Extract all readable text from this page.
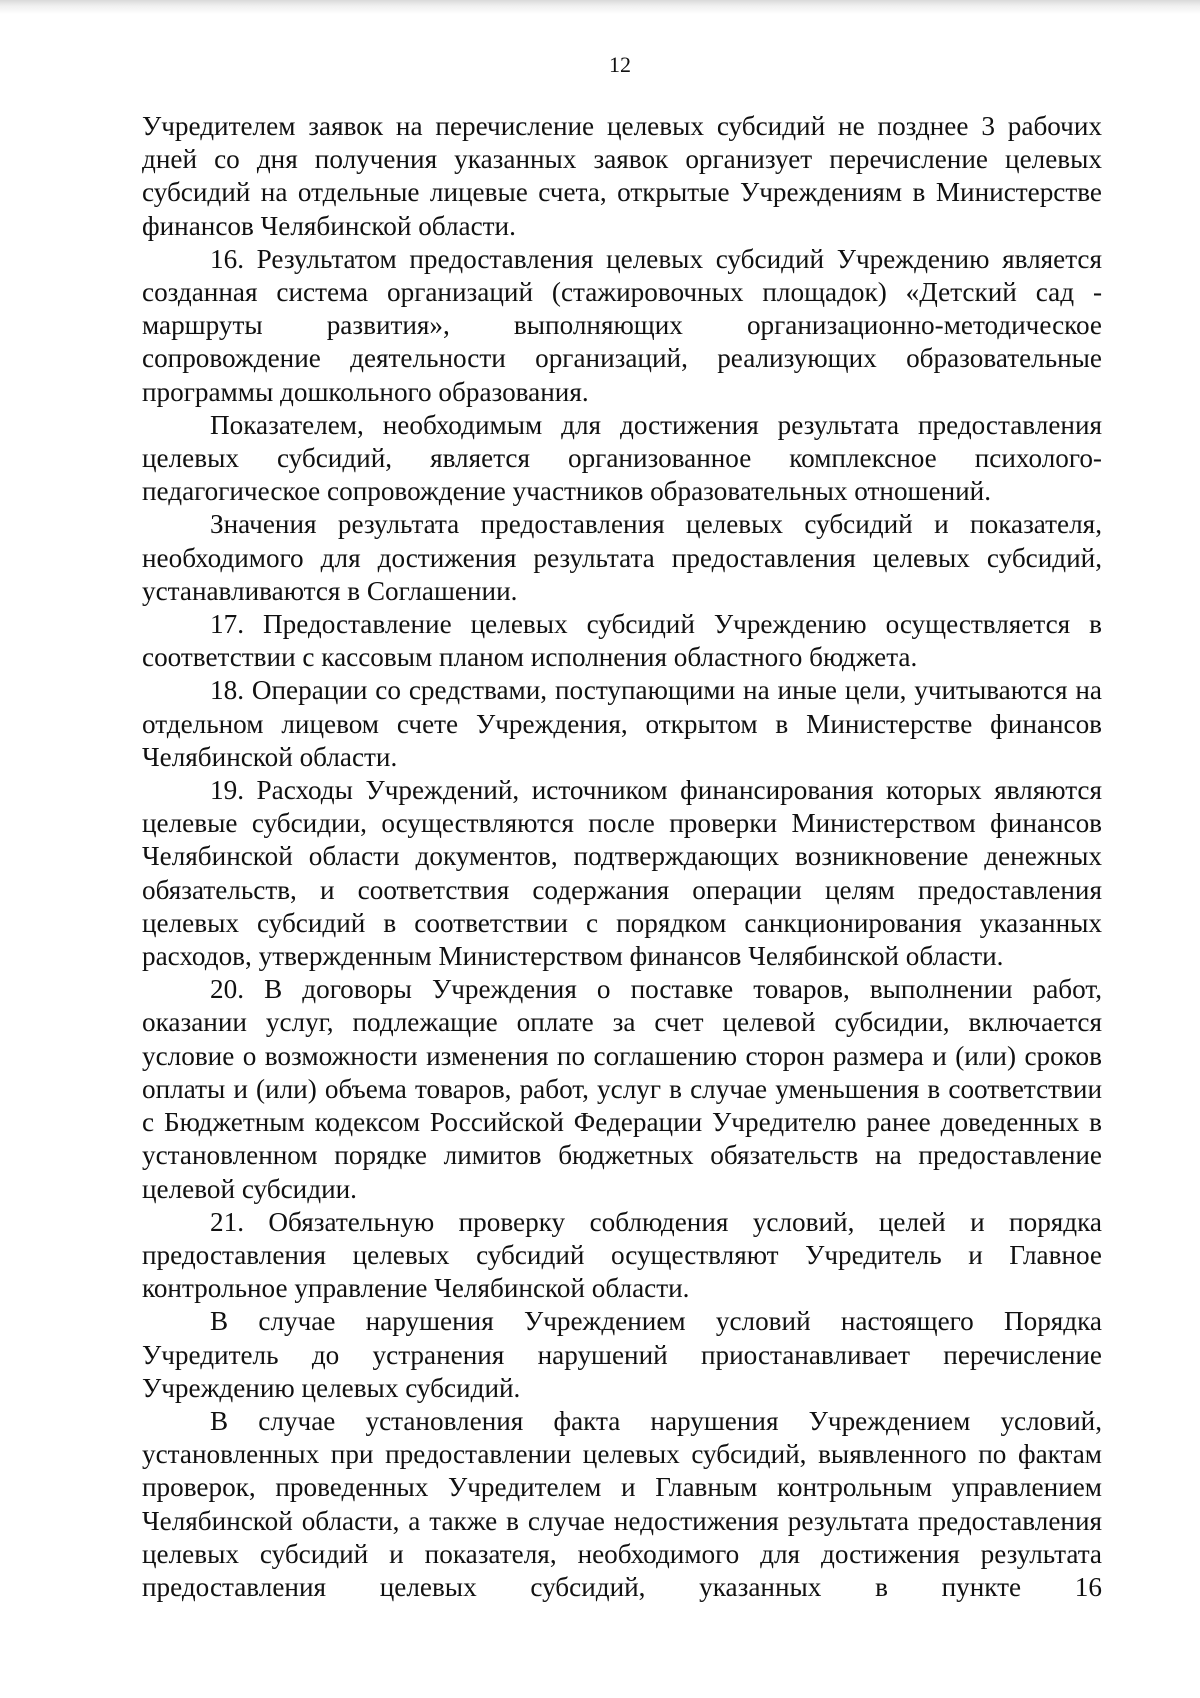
12

Учредителем заявок на перечисление целевых субсидий не позднее 3 рабочих дней со дня получения указанных заявок организует перечисление целевых субсидий на отдельные лицевые счета, открытые Учреждениям в Министерстве финансов Челябинской области.

16. Результатом предоставления целевых субсидий Учреждению является созданная система организаций (стажировочных площадок) «Детский сад - маршруты развития», выполняющих организационно-методическое сопровождение деятельности организаций, реализующих образовательные программы дошкольного образования.

Показателем, необходимым для достижения результата предоставления целевых субсидий, является организованное комплексное психолого-педагогическое сопровождение участников образовательных отношений.

Значения результата предоставления целевых субсидий и показателя, необходимого для достижения результата предоставления целевых субсидий, устанавливаются в Соглашении.

17. Предоставление целевых субсидий Учреждению осуществляется в соответствии с кассовым планом исполнения областного бюджета.

18. Операции со средствами, поступающими на иные цели, учитываются на отдельном лицевом счете Учреждения, открытом в Министерстве финансов Челябинской области.

19. Расходы Учреждений, источником финансирования которых являются целевые субсидии, осуществляются после проверки Министерством финансов Челябинской области документов, подтверждающих возникновение денежных обязательств, и соответствия содержания операции целям предоставления целевых субсидий в соответствии с порядком санкционирования указанных расходов, утвержденным Министерством финансов Челябинской области.

20. В договоры Учреждения о поставке товаров, выполнении работ, оказании услуг, подлежащие оплате за счет целевой субсидии, включается условие о возможности изменения по соглашению сторон размера и (или) сроков оплаты и (или) объема товаров, работ, услуг в случае уменьшения в соответствии с Бюджетным кодексом Российской Федерации Учредителю ранее доведенных в установленном порядке лимитов бюджетных обязательств на предоставление целевой субсидии.

21. Обязательную проверку соблюдения условий, целей и порядка предоставления целевых субсидий осуществляют Учредитель и Главное контрольное управление Челябинской области.

В случае нарушения Учреждением условий настоящего Порядка Учредитель до устранения нарушений приостанавливает перечисление Учреждению целевых субсидий.

В случае установления факта нарушения Учреждением условий, установленных при предоставлении целевых субсидий, выявленного по фактам проверок, проведенных Учредителем и Главным контрольным управлением Челябинской области, а также в случае недостижения результата предоставления целевых субсидий и показателя, необходимого для достижения результата предоставления целевых субсидий, указанных в пункте 16
